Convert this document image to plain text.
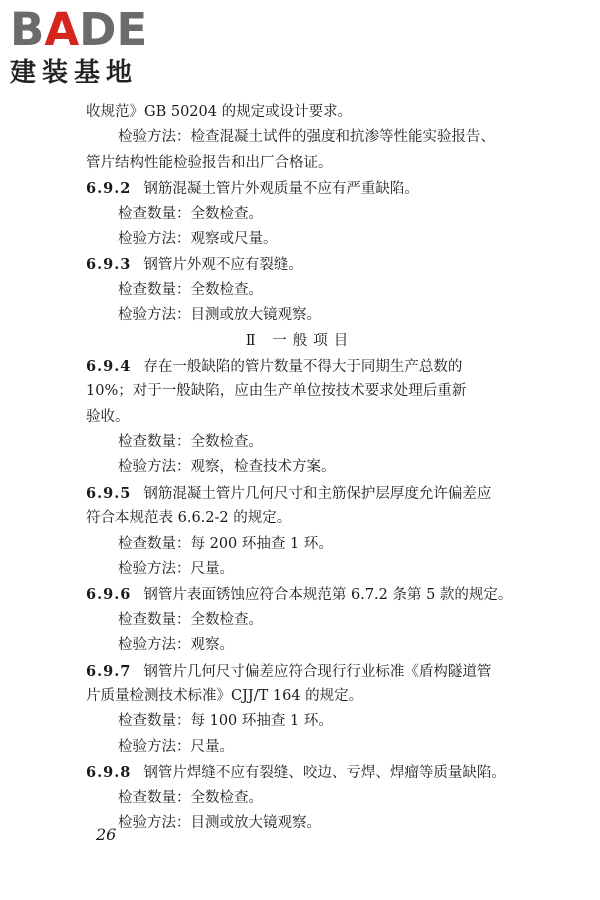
BADE
建装基地
收规范》GB 50204 的规定或设计要求。
检验方法：检查混凝土试件的强度和抗渗等性能实验报告、
管片结构性能检验报告和出厂合格证。
6.9.2 钢筋混凝土管片外观质量不应有严重缺陷。
检查数量：全数检查。
检验方法：观察或尺量。
6.9.3 钢管片外观不应有裂缝。
检查数量：全数检查。
检验方法：目测或放大镜观察。
Ⅱ 一般项目
6.9.4 存在一般缺陷的管片数量不得大于同期生产总数的
10%；对于一般缺陷，应由生产单位按技术要求处理后重新
验收。
检查数量：全数检查。
检验方法：观察，检查技术方案。
6.9.5 钢筋混凝土管片几何尺寸和主筋保护层厚度允许偏差应
符合本规范表 6.6.2-2 的规定。
检查数量：每 200 环抽查 1 环。
检验方法：尺量。
6.9.6 钢管片表面锈蚀应符合本规范第 6.7.2 条第 5 款的规定。
检查数量：全数检查。
检验方法：观察。
6.9.7 钢管片几何尺寸偏差应符合现行行业标准《盾构隧道管
片质量检测技术标准》CJJ/T 164 的规定。
检查数量：每 100 环抽查 1 环。
检验方法：尺量。
6.9.8 钢管片焊缝不应有裂缝、咬边、亏焊、焊瘤等质量缺陷。
检查数量：全数检查。
检验方法：目测或放大镜观察。
26
